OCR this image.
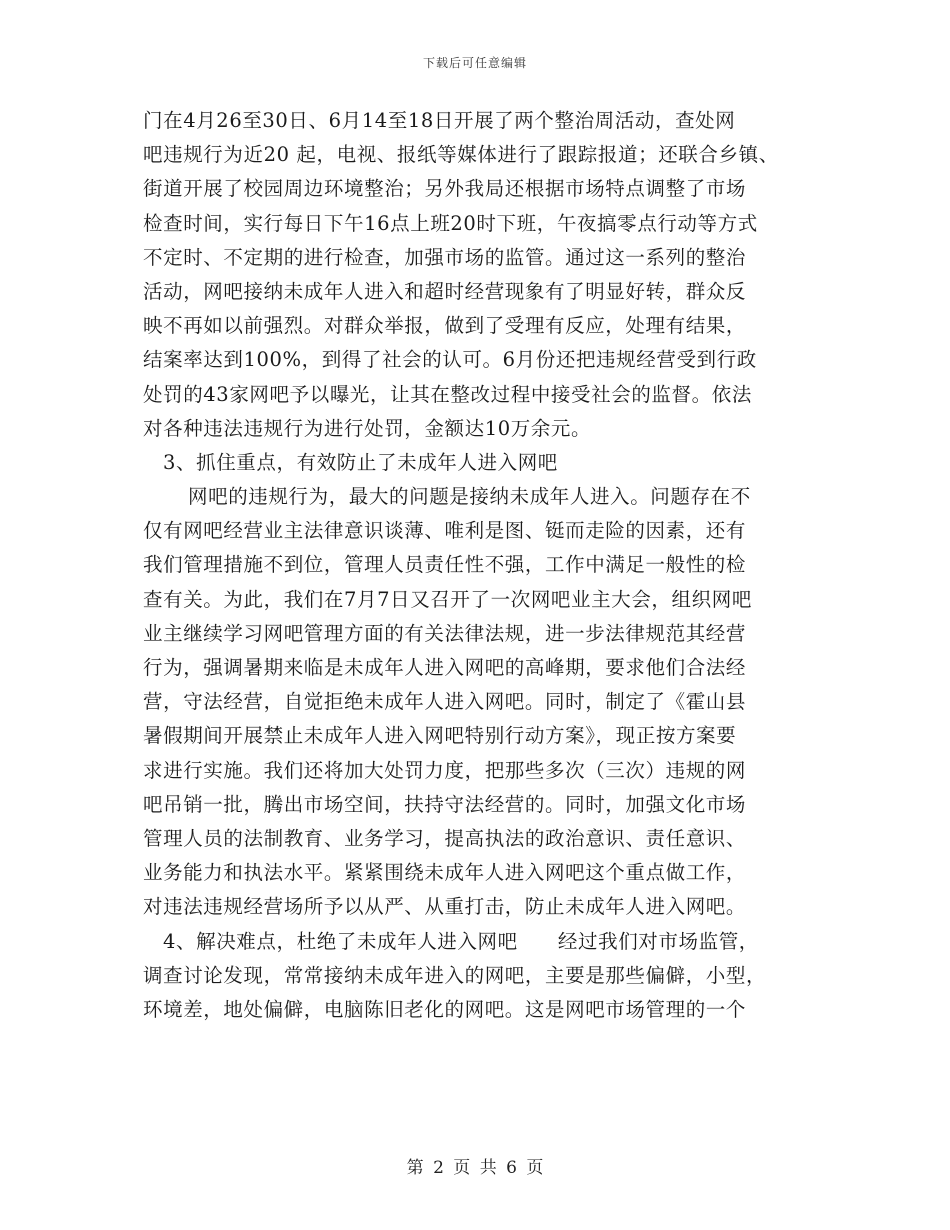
下载后可任意编辑
门在4月26至30日、6月14至18日开展了两个整治周活动，查处网
吧违规行为近20 起，电视、报纸等媒体进行了跟踪报道；还联合乡镇、
街道开展了校园周边环境整治；另外我局还根据市场特点调整了市场
检查时间，实行每日下午16点上班20时下班，午夜搞零点行动等方式
不定时、不定期的进行检查，加强市场的监管。通过这一系列的整治
活动，网吧接纳未成年人进入和超时经营现象有了明显好转，群众反
映不再如以前强烈。对群众举报，做到了受理有反应，处理有结果，
结案率达到100%，到得了社会的认可。6月份还把违规经营受到行政
处罚的43家网吧予以曝光，让其在整改过程中接受社会的监督。依法
对各种违法违规行为进行处罚，金额达10万余元。
3、抓住重点，有效防止了未成年人进入网吧
网吧的违规行为，最大的问题是接纳未成年人进入。问题存在不
仅有网吧经营业主法律意识谈薄、唯利是图、铤而走险的因素，还有
我们管理措施不到位，管理人员责任性不强，工作中满足一般性的检
查有关。为此，我们在7月7日又召开了一次网吧业主大会，组织网吧
业主继续学习网吧管理方面的有关法律法规，进一步法律规范其经营
行为，强调暑期来临是未成年人进入网吧的高峰期，要求他们合法经
营，守法经营，自觉拒绝未成年人进入网吧。同时，制定了《霍山县
暑假期间开展禁止未成年人进入网吧特别行动方案》，现正按方案要
求进行实施。我们还将加大处罚力度，把那些多次（三次）违规的网
吧吊销一批，腾出市场空间，扶持守法经营的。同时，加强文化市场
管理人员的法制教育、业务学习，提高执法的政治意识、责任意识、
业务能力和执法水平。紧紧围绕未成年人进入网吧这个重点做工作，
对违法违规经营场所予以从严、从重打击，防止未成年人进入网吧。
4、解决难点，杜绝了未成年人进入网吧　　经过我们对市场监管，
调查讨论发现，常常接纳未成年进入的网吧，主要是那些偏僻，小型，
环境差，地处偏僻，电脑陈旧老化的网吧。这是网吧市场管理的一个
第 2 页 共 6 页
